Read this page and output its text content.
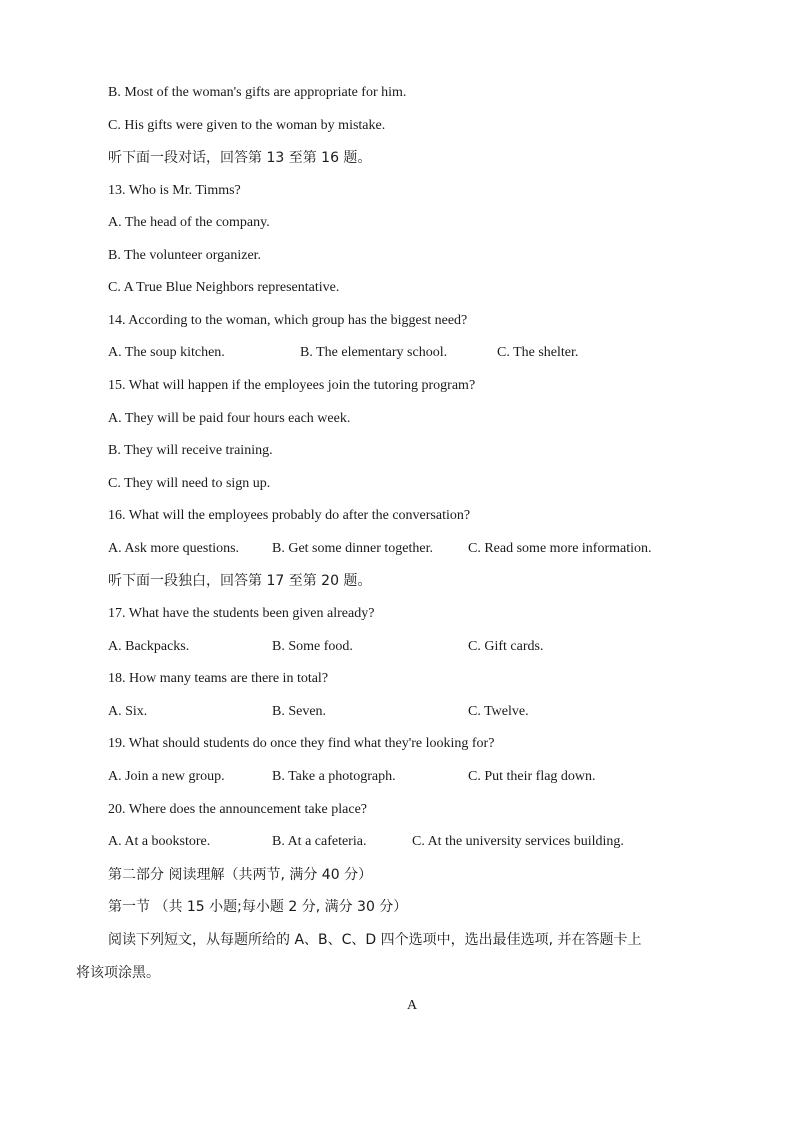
B. Most of the woman's gifts are appropriate for him.
C. His gifts were given to the woman by mistake.
听下面一段对话，回答第 13 至第 16 题。
13. Who is Mr. Timms?
A. The head of the company.
B. The volunteer organizer.
C. A True Blue Neighbors representative.
14. According to the woman, which group has the biggest need?
A. The soup kitchen.	B. The elementary school.	C. The shelter.
15. What will happen if the employees join the tutoring program?
A. They will be paid four hours each week.
B. They will receive training.
C. They will need to sign up.
16. What will the employees probably do after the conversation?
A. Ask more questions. B. Get some dinner together.	C. Read some more information.
听下面一段独白，回答第 17 至第 20 题。
17. What have the students been given already?
A. Backpacks.	B. Some food.	C. Gift cards.
18. How many teams are there in total?
A. Six.	B. Seven.	C. Twelve.
19. What should students do once they find what they're looking for?
A. Join a new group.	B. Take a photograph.	C. Put their flag down.
20. Where does the announcement take place?
A. At a bookstore.	B. At a cafeteria.	C. At the university services building.
第二部分 阅读理解（共两节, 满分 40 分）
第一节 （共 15 小题;每小题 2 分, 满分 30 分）
阅读下列短文，从每题所给的 A、B、C、D 四个选项中，选出最佳选项, 并在答题卡上
将该项涂黑。
A
